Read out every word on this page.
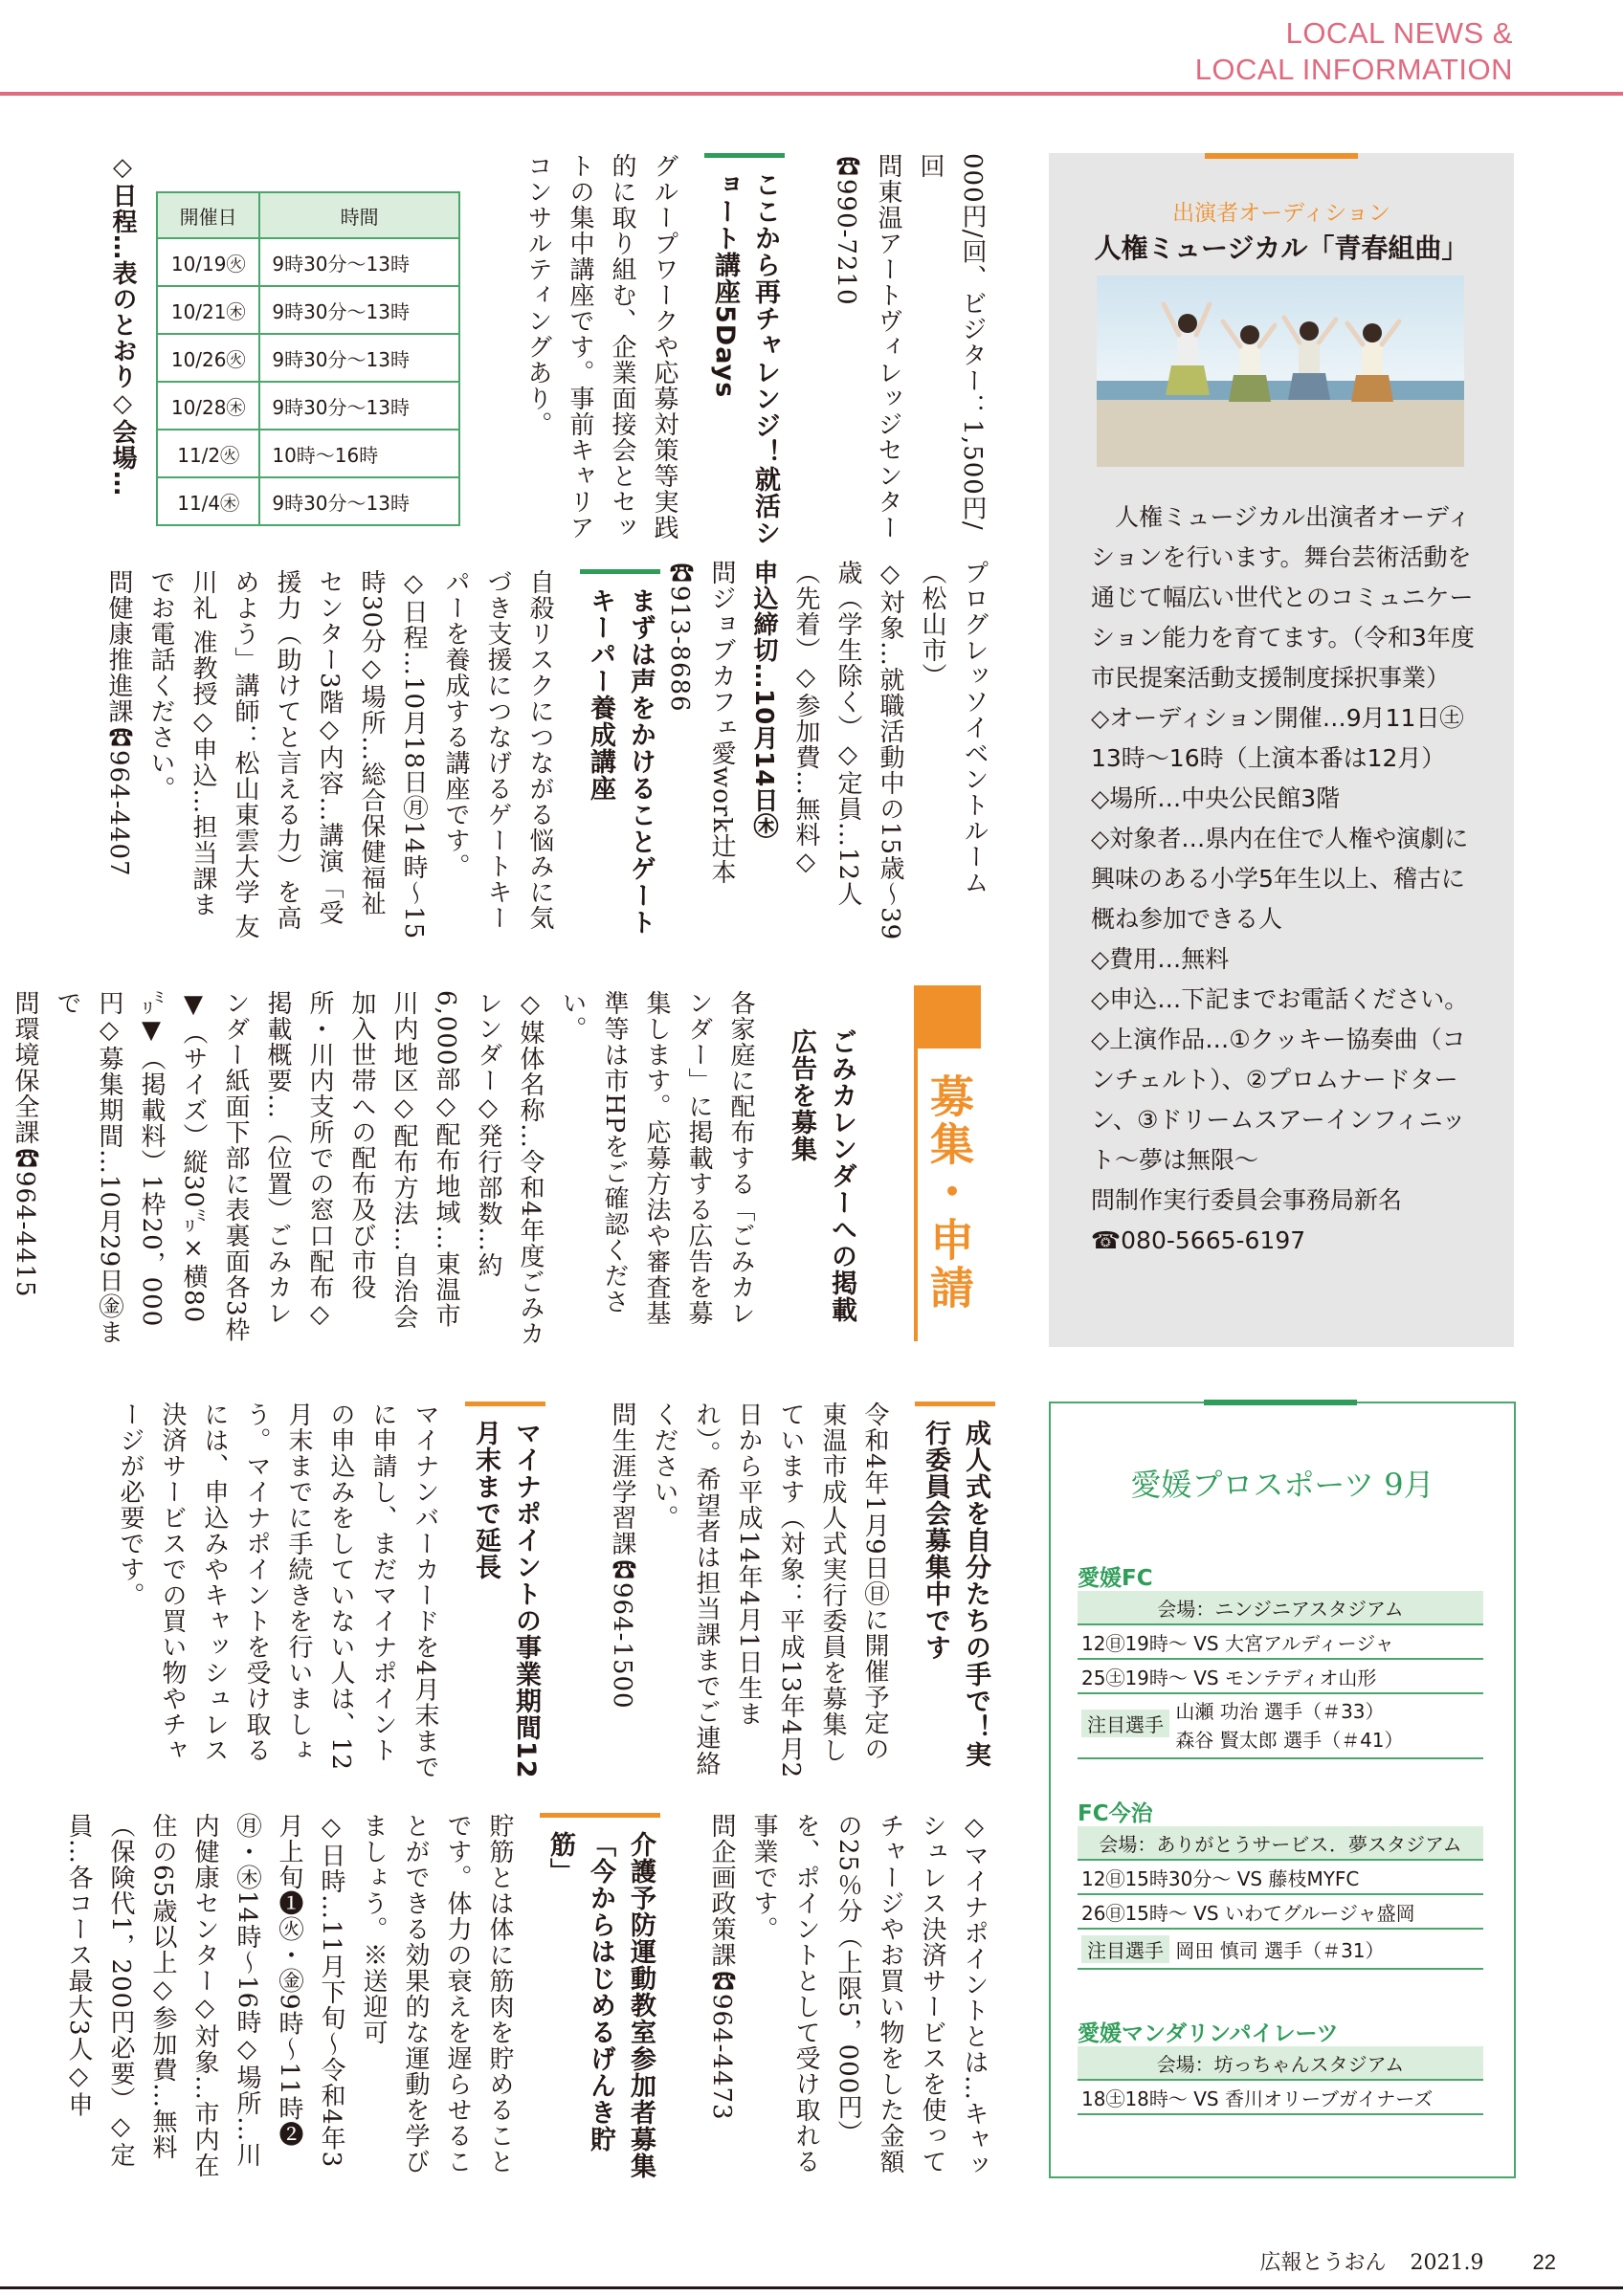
LOCAL NEWS &
LOCAL INFORMATION

000円/回、ビジター：1,500円/回

問東温アートヴィレッジセンター☎990-7210

ここから再チャレンジ！就活ショート講座5Days

グループワークや応募対策等実践的に取り組む、企業面接会とセットの集中講座です。事前キャリアコンサルティングあり。

開催日	時間
10/19㊋	9時30分～13時
10/21㊍	9時30分～13時
10/26㊋	9時30分～13時
10/28㊍	9時30分～13時
11/2㊋	10時～16時
11/4㊍	9時30分～13時

◇日程…表のとおり◇会場…

プログレッソイベントルーム（松山市）

◇対象…就職活動中の15歳～39歳（学生除く）◇定員…12人（先着）◇参加費…無料◇

申込締切…10月14日㊍

問ジョブカフェ愛work辻本☎913-8686

まずは声をかけることゲートキーパー養成講座

自殺リスクにつながる悩みに気づき支援につなげるゲートキーパーを養成する講座です。

◇日程…10月18日㊊14時～15時30分◇場所…総合保健福祉センター3階◇内容…講演「受援力（助けてと言える力）を高めよう」講師：松山東雲大学 友川礼 准教授◇申込…担当課までお電話ください。

問健康推進課☎964-4407

ごみカレンダーへの掲載広告を募集

各家庭に配布する「ごみカレンダー」に掲載する広告を募集します。応募方法や審査基準等は市HPをご確認ください。

◇媒体名称…令和4年度ごみカレンダー◇発行部数…約6,000部◇配布地域…東温市川内地区◇配布方法…自治会加入世帯への配布及び市役所・川内支所での窓口配布◇掲載概要…（位置）ごみカレンダー紙面下部に表裏面各3枠▼（サイズ）縦30㍉×横80㍉▼（掲載料）1枠20，000円◇募集期間…10月29日㊎まで

問環境保全課☎964-4415	募集・申請
出演者オーディション
人権ミュージカル「青春組曲」

人権ミュージカル出演者オーディションを行います。舞台芸術活動を通じて幅広い世代とのコミュニケーション能力を育てます。（令和3年度市民提案活動支援制度採択事業）

◇オーディション開催…9月11日㊏13時～16時（上演本番は12月）

◇場所…中央公民館3階

◇対象者…県内在住で人権や演劇に興味のある小学5年生以上、稽古に概ね参加できる人

◇費用…無料

◇申込…下記までお電話ください。

◇上演作品…①クッキー協奏曲（コンチェルト）、②プロムナードターン、③ドリームスアーインフィニット～夢は無限～

問制作実行委員会事務局新名

☎080-5665-6197

成人式を自分たちの手で！実行委員会募集中です

令和4年1月9日㊐に開催予定の東温市成人式実行委員を募集しています（対象：平成13年4月2日から平成14年4月1日生まれ）。希望者は担当課までご連絡ください。

問生涯学習課☎964-1500

マイナポイントの事業期間12月末まで延長

マイナンバーカードを4月末までに申請し、まだマイナポイントの申込みをしていない人は、12月末までに手続きを行いましょう。マイナポイントを受け取るには、申込みやキャッシュレス決済サービスでの買い物やチャージが必要です。

◇マイナポイントとは…キャッシュレス決済サービスを使ってチャージやお買い物をした金額の25％分（上限5，000円）を、ポイントとして受け取れる事業です。

問企画政策課☎964-4473

介護予防運動教室参加者募集「今からはじめるげんき貯筋」

貯筋とは体に筋肉を貯めることです。体力の衰えを遅らせることができる効果的な運動を学びましょう。※送迎可

◇日時…11月下旬～令和4年3月上旬❶㊋・㊎9時～11時❷㊊・㊍14時～16時◇場所…川内健康センター◇対象…市内在住の65歳以上◇参加費…無料（保険代1，200円必要）◇定員…各コース最大3人◇申

愛媛プロスポーツ 9月
愛媛FC
会場：ニンジニアスタジアム
12㊐19時～ VS 大宮アルディージャ
25㊏19時～ VS モンテディオ山形
注目選手
山瀬 功治 選手（＃33）
森谷 賢太郎 選手（＃41）
FC今治
会場：ありがとうサービス．夢スタジアム
12㊐15時30分～ VS 藤枝MYFC
26㊐15時～ VS いわてグルージャ盛岡
注目選手 岡田 慎司 選手（＃31）
愛媛マンダリンパイレーツ
会場：坊っちゃんスタジアム
18㊏18時～ VS 香川オリーブガイナーズ
広報とうおん 2021.9 22
